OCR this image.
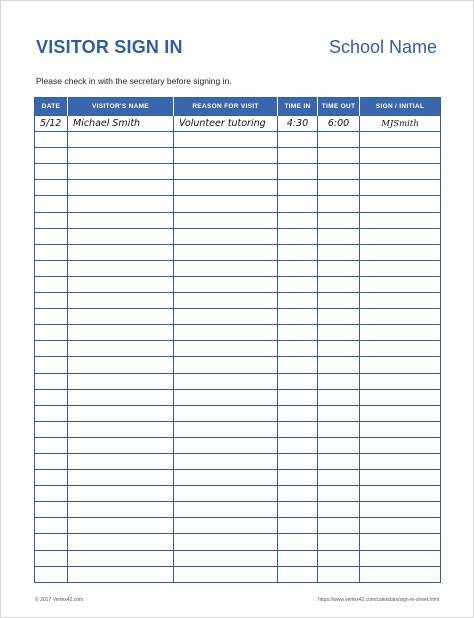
VISITOR SIGN IN	School Name
Please check in with the secretary before signing in.
DATE	VISITOR'S NAME	REASON FOR VISIT	TIME IN	TIME OUT	SIGN / INITIAL
5/12	Michael Smith	Volunteer tutoring	4:30	6:00	MJSmith

© 2017 Vertex42.com	https://www.vertex42.com/calendars/sign-in-sheet.html
